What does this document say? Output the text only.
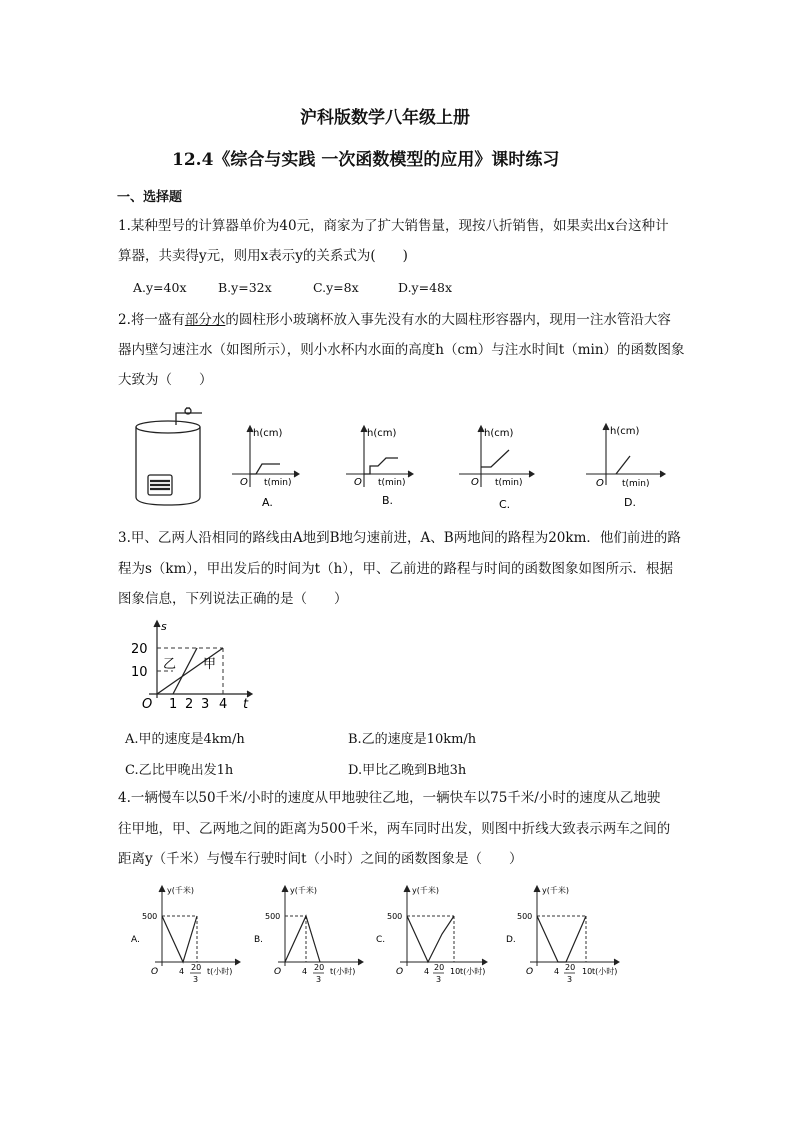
沪科版数学八年级上册
12.4《综合与实践 一次函数模型的应用》课时练习
一、选择题
1.某种型号的计算器单价为40元，商家为了扩大销售量，现按八折销售，如果卖出x台这种计
算器，共卖得y元，则用x表示y的关系式为(　　)
A.y=40x	B.y=32x	C.y=8x	D.y=48x
2.将一盛有部分水的圆柱形小玻璃杯放入事先没有水的大圆柱形容器内，现用一注水管沿大容
器内壁匀速注水（如图所示），则小水杯内水面的高度h（cm）与注水时间t（min）的函数图象
大致为（　　）
h(cm)
O t(min)
A.
h(cm)
O t(min)
B.
h(cm)
O t(min)
C.
h(cm)
O t(min)
D.
3.甲、乙两人沿相同的路线由A地到B地匀速前进，A、B两地间的路程为20km．他们前进的路
程为s（km），甲出发后的时间为t（h），甲、乙前进的路程与时间的函数图象如图所示．根据
图象信息，下列说法正确的是（　　）
s
20
10
O 1 2 3 4 t
乙 甲
A.甲的速度是4km/h	B.乙的速度是10km/h
C.乙比甲晚出发1h	D.甲比乙晚到B地3h
4.一辆慢车以50千米/小时的速度从甲地驶往乙地，一辆快车以75千米/小时的速度从乙地驶
往甲地，甲、乙两地之间的距离为500千米，两车同时出发，则图中折线大致表示两车之间的
距离y（千米）与慢车行驶时间t（小时）之间的函数图象是（　　）
y(千米)
500
A.
O	4 20
3
t(小时)
y(千米)
500
B.
O	4 20
3
t(小时)
y(千米)
500
C.
O	4 20
3
10 t(小时)
y(千米)
500
D.
O	4 20
3
10 t(小时)
